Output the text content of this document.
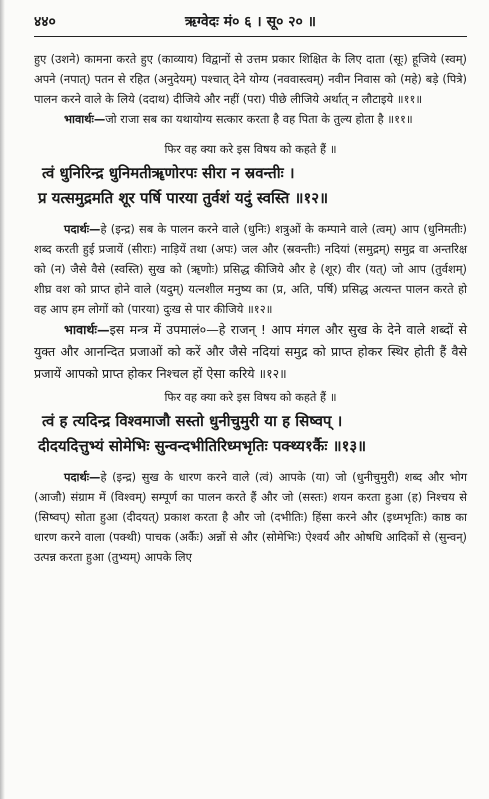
४४०	ऋग्वेदः मं० ६ । सू० २० ॥

हुए (उशने) कामना करते हुए (काव्याय) विद्वानों से उत्तम प्रकार शिक्षित के लिए दाता (सूः) हूजिये (स्वम्) अपने (नपात्) पतन से रहित (अनुदेयम्) पश्चात् देने योग्य (नववास्त्वम्) नवीन निवास को (महे) बड़े (पित्रे) पालन करने वाले के लिये (ददाथ) दीजिये और नहीं (परा) पीछे लीजिये अर्थात् न लौटाइये ॥११॥

भावार्थः—जो राजा सब का यथायोग्य सत्कार करता है वह पिता के तुल्य होता है ॥११॥

फिर वह क्या करे इस विषय को कहते हैं ॥
त्वं धुनिरिन्द्र धुनिमतीॠणोरपः सीरा न स्रवन्तीः ।
प्र यत्समुद्रमति शूर पर्षि पारया तुर्वशं यदुं स्वस्ति ॥१२॥

पदार्थः—हे (इन्द्र) सब के पालन करने वाले (धुनिः) शत्रुओं के कम्पाने वाले (त्वम्) आप (धुनिमतीः) शब्द करती हुई प्रजायें (सीराः) नाड़ियें तथा (अपः) जल और (स्रवन्तीः) नदियां (समुद्रम्) समुद्र वा अन्तरिक्ष को (न) जैसे वैसे (स्वस्ति) सुख को (ॠणोः) प्रसिद्ध कीजिये और हे (शूर) वीर (यत्) जो आप (तुर्वशम्) शीघ्र वश को प्राप्त होने वाले (यदुम्) यत्नशील मनुष्य का (प्र, अति, पर्षि) प्रसिद्ध अत्यन्त पालन करते हो वह आप हम लोगों को (पारया) दुःख से पार कीजिये ॥१२॥

भावार्थः—इस मन्त्र में उपमालं०—हे राजन् ! आप मंगल और सुख के देने वाले शब्दों से युक्त और आनन्दित प्रजाओं को करें और जैसे नदियां समुद्र को प्राप्त होकर स्थिर होती हैं वैसे प्रजायें आपको प्राप्त होकर निश्चल हों ऐसा करिये ॥१२॥

फिर वह क्या करे इस विषय को कहते हैं ॥
त्वं ह त्यदिन्द्र विश्वमाजौ सस्तो धुनीचुमुरी या ह सिष्वप् ।
दीदयदित्तुभ्यं सोमेभिः सुन्वन्दभीतिरिध्मभृतिः पक्थ्य१र्कैः ॥१३॥

पदार्थः—हे (इन्द्र) सुख के धारण करने वाले (त्वं) आपके (या) जो (धुनीचुमुरी) शब्द और भोग (आजौ) संग्राम में (विश्वम्) सम्पूर्ण का पालन करते हैं और जो (सस्तः) शयन करता हुआ (ह) निश्चय से (सिष्वप्) सोता हुआ (दीदयत्) प्रकाश करता है और जो (दभीतिः) हिंसा करने और (इध्मभृतिः) काष्ठ का धारण करने वाला (पक्थी) पाचक (अर्कैः) अन्नों से और (सोमेभिः) ऐश्वर्य और ओषधि आदिकों से (सुन्वन्) उत्पन्न करता हुआ (तुभ्यम्) आपके लिए
